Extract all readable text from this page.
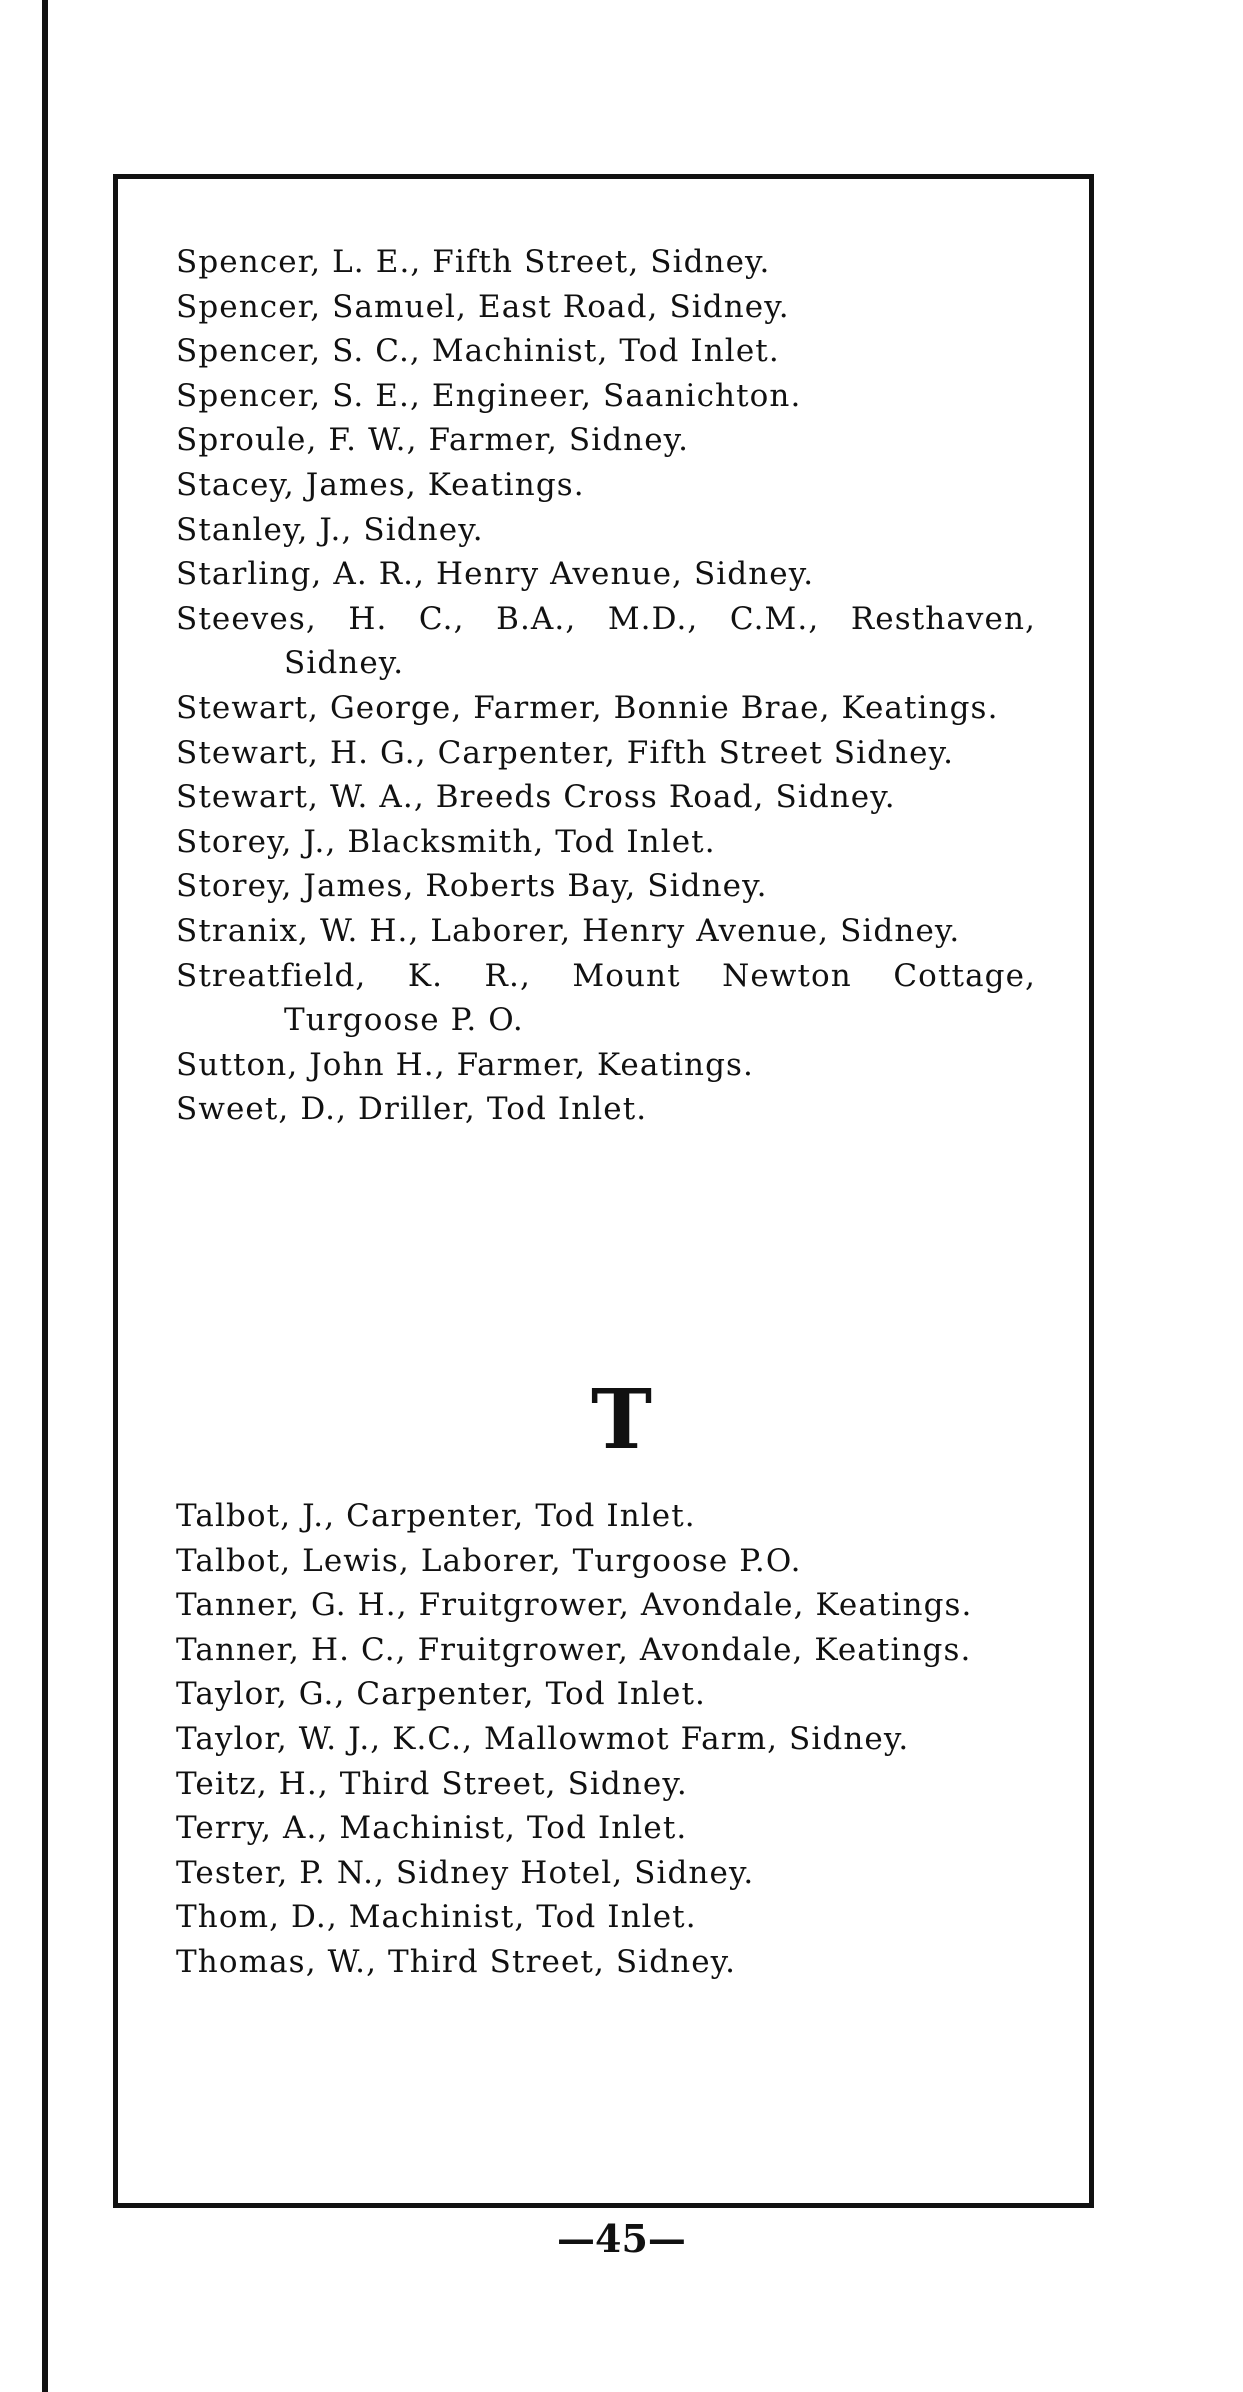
Spencer, L. E., Fifth Street, Sidney.
Spencer, Samuel, East Road, Sidney.
Spencer, S. C., Machinist, Tod Inlet.
Spencer, S. E., Engineer, Saanichton.
Sproule, F. W., Farmer, Sidney.
Stacey, James, Keatings.
Stanley, J., Sidney.
Starling, A. R., Henry Avenue, Sidney.
Steeves, H. C., B.A., M.D., C.M., Resthaven, Sidney.
Stewart, George, Farmer, Bonnie Brae, Keatings.
Stewart, H. G., Carpenter, Fifth Street Sidney.
Stewart, W. A., Breeds Cross Road, Sidney.
Storey, J., Blacksmith, Tod Inlet.
Storey, James, Roberts Bay, Sidney.
Stranix, W. H., Laborer, Henry Avenue, Sidney.
Streatfield, K. R., Mount Newton Cottage, Turgoose P. O.
Sutton, John H., Farmer, Keatings.
Sweet, D., Driller, Tod Inlet.
T
Talbot, J., Carpenter, Tod Inlet.
Talbot, Lewis, Laborer, Turgoose P.O.
Tanner, G. H., Fruitgrower, Avondale, Keatings.
Tanner, H. C., Fruitgrower, Avondale, Keatings.
Taylor, G., Carpenter, Tod Inlet.
Taylor, W. J., K.C., Mallowmot Farm, Sidney.
Teitz, H., Third Street, Sidney.
Terry, A., Machinist, Tod Inlet.
Tester, P. N., Sidney Hotel, Sidney.
Thom, D., Machinist, Tod Inlet.
Thomas, W., Third Street, Sidney.
—45—
